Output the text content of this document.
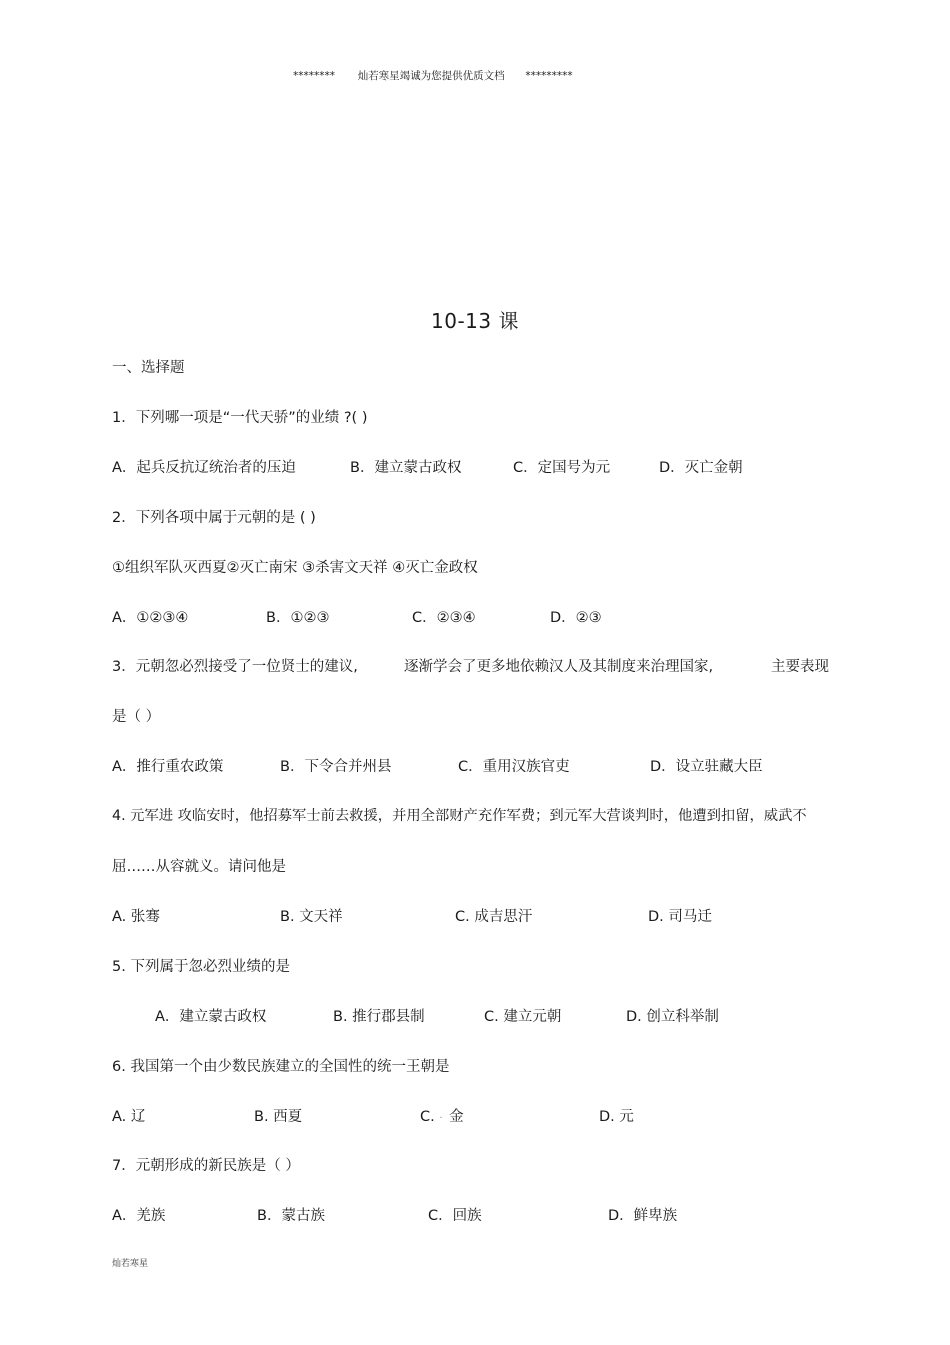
******** 灿若寒星竭诚为您提供优质文档 *********
10-13 课
一、选择题
1．下列哪一项是“一代天骄”的业绩 ?( )
A．起兵反抗辽统治者的压迫	B．建立蒙古政权	C．定国号为元	D．灭亡金朝
2．下列各项中属于元朝的是 ( )
①组织军队灭西夏②灭亡南宋 ③杀害文天祥 ④灭亡金政权
A．①②③④	B．①②③	C．②③④	D．②③
3．元朝忽必烈接受了一位贤士的建议,	逐渐学会了更多地依赖汉人及其制度来治理国家,	主要表现
是（ ）
A．推行重农政策	B．下令合并州县	C．重用汉族官吏	D．设立驻藏大臣
4. 元军进 攻临安时，他招募军士前去救援，并用全部财产充作军费；到元军大营谈判时，他遭到扣留，威武不
屈……从容就义。请问他是
A. 张骞	B. 文天祥	C. 成吉思汗	D. 司马迁
5. 下列属于忽必烈业绩的是
A．建立蒙古政权	B. 推行郡县制	C. 建立元朝	D. 创立科举制
6. 我国第一个由少数民族建立的全国性的统一王朝是
A. 辽	B. 西夏	C. · 金	D. 元
7．元朝形成的新民族是（ ）
A．羌族	B．蒙古族	C．回族	D．鲜卑族
灿若寒星
